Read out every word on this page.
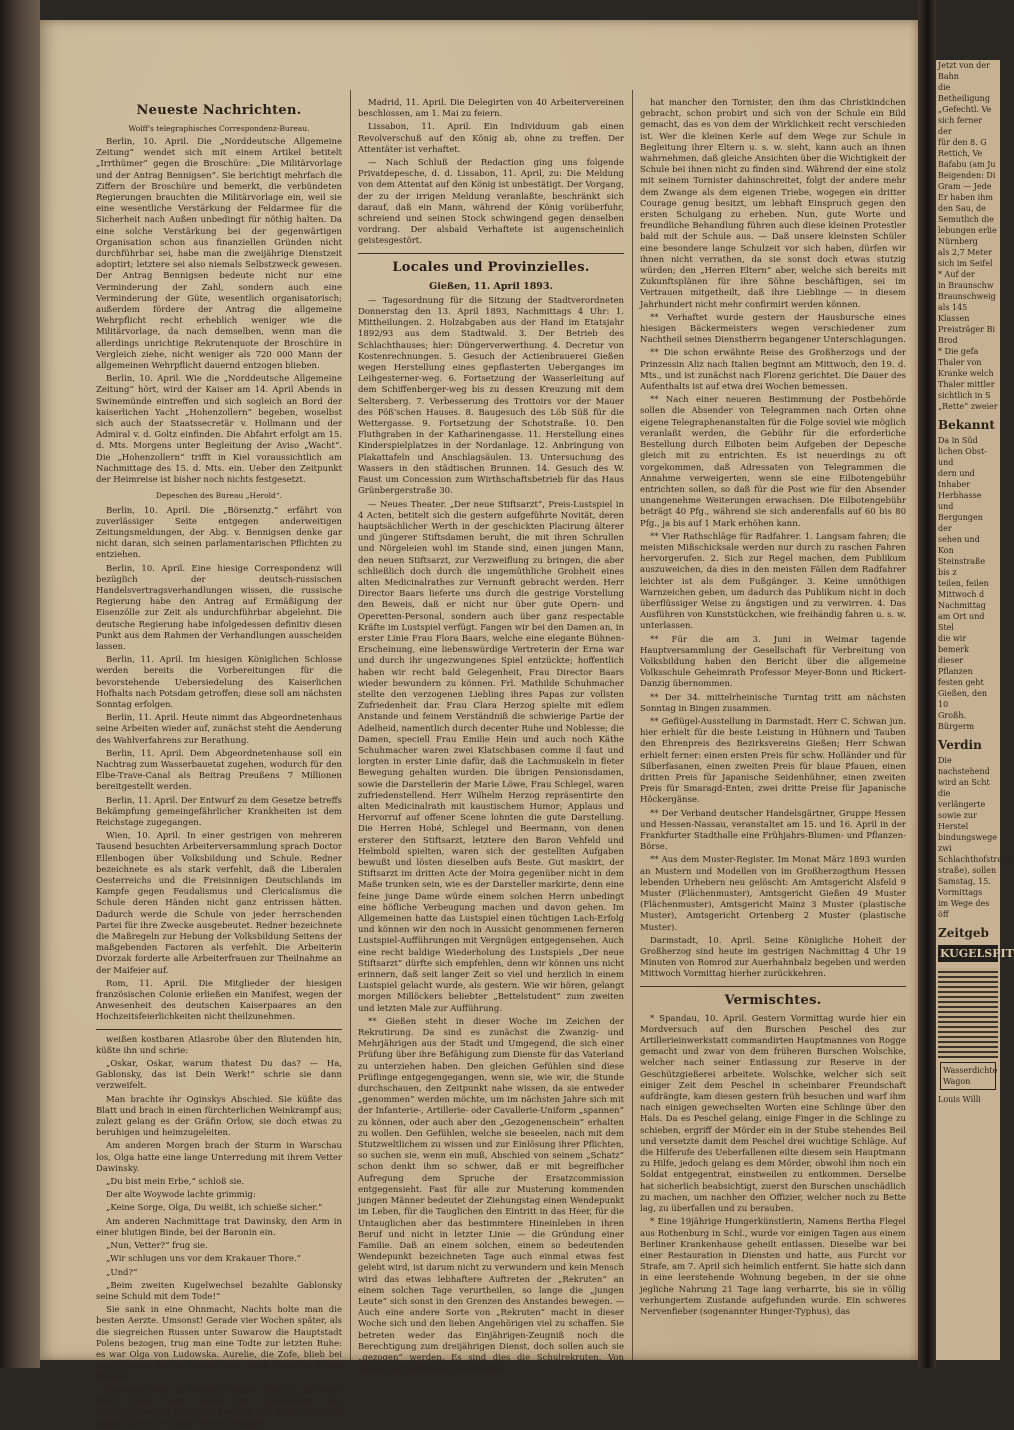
Neueste Nachrichten.
Wolff's telegraphisches Correspondenz-Bureau.

Berlin, 10. April. Die „Norddeutsche Allgemeine Zeitung“ wendet sich mit einem Artikel betitelt „Irrthümer“ gegen die Broschüre: „Die Militärvorlage und der Antrag Bennigsen“. Sie berichtigt mehrfach die Ziffern der Broschüre und bemerkt, die verbündeten Regierungen brauchten die Militärvorlage ein, weil sie eine wesentliche Verstärkung der Feldarmee für die Sicherheit nach Außen unbedingt für nöthig halten. Da eine solche Verstärkung bei der gegenwärtigen Organisation schon aus finanziellen Gründen nicht durchführbar sei, habe man die zweijährige Dienstzeit adoptirt; letztere sei also niemals Selbstzweck gewesen. Der Antrag Bennigsen bedeute nicht nur eine Verminderung der Zahl, sondern auch eine Verminderung der Güte, wesentlich organisatorisch; außerdem fördere der Antrag die allgemeine Wehrpflicht recht erheblich weniger wie die Militärvorlage, da nach demselben, wenn man die allerdings unrichtige Rekrutenquote der Broschüre in Vergleich ziehe, nicht weniger als 720 000 Mann der allgemeinen Wehrpflicht dauernd entzogen blieben.

Berlin, 10. April. Wie die „Norddeutsche Allgemeine Zeitung“ hört, wird der Kaiser am 14. April Abends in Swinemünde eintreffen und sich sogleich an Bord der kaiserlichen Yacht „Hohenzollern“ begeben, woselbst sich auch der Staatssecretär v. Hollmann und der Admiral v. d. Goltz einfinden. Die Abfahrt erfolgt am 15. d. Mts. Morgens unter Begleitung der Aviso „Wacht“. Die „Hohenzollern“ trifft in Kiel voraussichtlich am Nachmittage des 15. d. Mts. ein. Ueber den Zeitpunkt der Heimreise ist bisher noch nichts festgesetzt.

Depeschen des Bureau „Herold“.

Berlin, 10. April. Die „Börsenztg.“ erfährt von zuverlässiger Seite entgegen anderweitigen Zeitungsmeldungen, der Abg. v. Bennigsen denke gar nicht daran, sich seinen parlamentarischen Pflichten zu entziehen.

Berlin, 10. April. Eine hiesige Correspondenz will bezüglich der deutsch-russischen Handelsvertragsverhandlungen wissen, die russische Regierung habe den Antrag auf Ermäßigung der Eisenzölle zur Zeit als undurchführbar abgelehnt. Die deutsche Regierung habe infolgedessen definitiv diesen Punkt aus dem Rahmen der Verhandlungen ausscheiden lassen.

Berlin, 11. April. Im hiesigen Königlichen Schlosse werden bereits die Vorbereitungen für die bevorstehende Uebersiedelung des Kaiserlichen Hofhalts nach Potsdam getroffen; diese soll am nächsten Sonntag erfolgen.

Berlin, 11. April. Heute nimmt das Abgeordnetenhaus seine Arbeiten wieder auf, zunächst steht die Aenderung des Wahlverfahrens zur Berathung.

Berlin, 11. April. Dem Abgeordnetenhause soll ein Nachtrag zum Wasserbauetat zugehen, wodurch für den Elbe-Trave-Canal als Beitrag Preußens 7 Millionen bereitgestellt werden.

Berlin, 11. April. Der Entwurf zu dem Gesetze betreffs Bekämpfung gemeingefährlicher Krankheiten ist dem Reichstage zugegangen.

Wien, 10. April. In einer gestrigen von mehreren Tausend besuchten Arbeiterversammlung sprach Doctor Ellenbogen über Volksbildung und Schule. Redner bezeichnete es als stark verfehlt, daß die Liberalen Oesterreichs und die Freisinnigen Deutschlands im Kampfe gegen Feudalismus und Clericalismus die Schule deren Händen nicht ganz entrissen hätten. Dadurch werde die Schule von jeder herrschenden Partei für ihre Zwecke ausgebeutet. Redner bezeichnete die Maßregeln zur Hebung der Volksbildung Seitens der maßgebenden Factoren als verfehlt. Die Arbeiterin Dvorzak forderte alle Arbeiterfrauen zur Theilnahme an der Maifeier auf.

Rom, 11. April. Die Mitglieder der hiesigen französischen Colonie erließen ein Manifest, wegen der Anwesenheit des deutschen Kaiserpaares an den Hochzeitsfeierlichkeiten nicht theilzunehmen.

weißen kostbaren Atlasrobe über den Blutenden hin, küßte ihn und schrie:

„Oskar, Oskar, warum thatest Du das? — Ha, Gablonsky, das ist Dein Werk!“ schrie sie dann verzweifelt.

Man brachte ihr Oginskys Abschied. Sie küßte das Blatt und brach in einen fürchterlichen Weinkrampf aus; zulezt gelang es der Gräfin Orlow, sie doch etwas zu beruhigen und heimzugeleiten.

Am anderen Morgen brach der Sturm in Warschau los, Olga hatte eine lange Unterredung mit ihrem Vetter Dawinsky.

„Du bist mein Erbe,“ schloß sie.

Der alte Woywode lachte grimmig:

„Keine Sorge, Olga, Du weißt, ich schieße sicher.“

Am anderen Nachmittage trat Dawinsky, den Arm in einer blutigen Binde, bei der Baronin ein.

„Nun, Vetter?“ frug sie.

„Wir schlugen uns vor dem Krakauer Thore.“

„Und?“

„Beim zweiten Kugelwechsel bezahlte Gablonsky seine Schuld mit dem Tode!“

Sie sank in eine Ohnmacht, Nachts holte man die besten Aerzte. Umsonst! Gerade vier Wochen später, als die siegreichen Russen unter Suwarow die Hauptstadt Polens bezogen, trug man eine Todte zur letzten Ruhe: es war Olga von Ludowska. Aurelie, die Zofe, blieb bei ihrer Herrin bis zu deren Tode, dann ging sie in ein Kloster.

Dawinsky zog mit seinem reichen Erbe in die neue Welt. Jetzt erst ward die Geschichte der verhängnißvollen Polonaise bekannt und damit auch das unglückliche Geschick Polens besiegelt.

Madrid, 11. April. Die Delegirten von 40 Arbeitervereinen beschlossen, am 1. Mai zu feiern.

Lissabon, 11. April. Ein Individuum gab einen Revolverschuß auf den König ab, ohne zu treffen. Der Attentäter ist verhaftet.

— Nach Schluß der Redaction ging uns folgende Privatdepesche, d. d. Lissabon, 11. April, zu: Die Meldung von dem Attentat auf den König ist unbestätigt. Der Vorgang, der zu der irrigen Meldung veranlaßte, beschränkt sich darauf, daß ein Mann, während der König vorüberfuhr, schreiend und seinen Stock schwingend gegen denselben vordrang. Der alsbald Verhaftete ist augenscheinlich geistesgestört.

Locales und Provinzielles.
Gießen, 11. April 1893.

— Tagesordnung für die Sitzung der Stadtverordneten Donnerstag den 13. April 1893, Nachmittags 4 Uhr: 1. Mittheilungen. 2. Holzabgaben aus der Hand im Etatsjahr 1892/93 aus dem Stadtwald. 3. Der Betrieb des Schlachthauses; hier: Düngerverwerthung. 4. Decretur von Kostenrechnungen. 5. Gesuch der Actienbrauerei Gießen wegen Herstellung eines gepflasterten Ueberganges im Leihgesterner-weg. 6. Fortsetzung der Wasserleitung auf dem Schiffenberger-weg bis zu dessen Kreuzung mit dem Seltersberg. 7. Verbesserung des Trottoirs vor der Mauer des Pöß'schen Hauses. 8. Baugesuch des Löb Süß für die Wettergasse. 9. Fortsetzung der Schotstraße. 10. Den Fluthgraben in der Katharinengasse. 11. Herstellung eines Kinderspielplatzes in der Nordanlage. 12. Anbringung von Plakattafeln und Anschlagsäulen. 13. Untersuchung des Wassers in den städtischen Brunnen. 14. Gesuch des W. Faust um Concession zum Wirthschaftsbetrieb für das Haus Grünbergerstraße 30.

— Neues Theater. „Der neue Stiftsarzt“, Preis-Lustspiel in 4 Acten, betitelt sich die gestern aufgeführte Novität, deren hauptsächlicher Werth in der geschickten Placirung älterer und jüngerer Stiftsdamen beruht, die mit ihren Schrullen und Nörgeleien wohl im Stande sind, einen jungen Mann, den neuen Stiftsarzt, zur Verzweiflung zu bringen, die aber schließlich doch durch die ungemüthliche Grobheit eines alten Medicinalrathes zur Vernunft gebracht werden. Herr Director Baars lieferte uns durch die gestrige Vorstellung den Beweis, daß er nicht nur über gute Opern- und Operetten-Personal, sondern auch über ganz respectable Kräfte im Lustspiel verfügt. Fangen wir bei den Damen an, in erster Linie Frau Flora Baars, welche eine elegante Bühnen-Erscheinung, eine liebenswürdige Vertreterin der Erna war und durch ihr ungezwungenes Spiel entzückte; hoffentlich haben wir recht bald Gelegenheit, Frau Director Baars wieder bewundern zu können. Frl. Mathilde Schuhmacher stellte den verzogenen Liebling ihres Papas zur vollsten Zufriedenheit dar. Frau Clara Herzog spielte mit edlem Anstande und feinem Verständniß die schwierige Partie der Adelheid, namentlich durch decenter Ruhe und Noblesse; die Damen, speciell Frau Emilie Hein und auch noch Käthe Schuhmacher waren zwei Klatschbasen comme il faut und lorgten in erster Linie dafür, daß die Lachmuskeln in fleter Bewegung gehalten wurden. Die übrigen Pensionsdamen, sowie die Darstellerin der Marie Löwe, Frau Schlegel, waren zufriedenstellend. Herr Wilhelm Herzog repräsentirte den alten Medicinalrath mit kaustischem Humor; Applaus und Hervorruf auf offener Scene lohnten die gute Darstellung. Die Herren Hobé, Schlegel und Beermann, von denen ersterer den Stiftsarzt, letztere den Baron Vehfeld und Helmbold spielten, waren sich der gestellten Aufgaben bewußt und lösten dieselben aufs Beste. Gut maskirt, der Stiftsarzt im dritten Acte der Moira gegenüber nicht in dem Maße trunken sein, wie es der Darsteller markirte, denn eine feine junge Dame würde einem solchen Herrn unbedingt eine höfliche Verbeugung machen und davon gehen. Im Allgemeinen hatte das Lustspiel einen tüchtigen Lach-Erfolg und können wir den noch in Aussicht genommenen ferneren Lustspiel-Aufführungen mit Vergnügen entgegensehen. Auch eine recht baldige Wiederholung des Lustspiels „Der neue Stiftsarzt“ dürfte sich empfehlen, denn wir können uns nicht erinnern, daß seit langer Zeit so viel und herzlich in einem Lustspiel gelacht wurde, als gestern. Wie wir hören, gelangt morgen Millöckers beliebter „Bettelstudent“ zum zweiten und letzten Male zur Aufführung.

** Gießen steht in dieser Woche im Zeichen der Rekrutirung. Da sind es zunächst die Zwanzig- und Mehrjährigen aus der Stadt und Umgegend, die sich einer Prüfung über ihre Befähigung zum Dienste für das Vaterland zu unterziehen haben. Den gleichen Gefühlen sind diese Prüflinge entgegengegangen, wenn sie, wie wir, die Stunde durchschauen, den Zeitpunkt nahe wissen, da sie entweder „genommen“ werden möchte, um im nächsten Jahre sich mit der Infanterie-, Artillerie- oder Cavallerie-Uniform „spannen“ zu können, oder auch aber den „Gezogenenschein“ erhalten zu wollen. Den Gefühlen, welche sie beseelen, nach mit dem Stutzweltlichem zu wissen und zur Einlösung ihrer Pflichten, so suchen sie, wenn ein muß, Abschied von seinem „Schatz“ schon denkt ihm so schwer, daß er mit begreiflicher Aufregung dem Spruche der Ersatzcommission entgegensieht. Fast für alle zur Musterung kommenden jungen Männer bedeutet der Ziehungstag einen Wendepunkt im Leben, für die Tauglichen den Eintritt in das Heer, für die Untauglichen aber das bestimmtere Hineinleben in ihren Beruf und nicht in letzter Linie — die Gründung einer Familie. Daß an einem solchen, einem so bedeutenden Wendepunkt bezeichneten Tage auch einmal etwas fest gelebt wird, ist darum nicht zu verwundern und kein Mensch wird das etwas lebhaftere Auftreten der „Rekruten“ an einem solchen Tage verurtheilen, so lange die „jungen Leute“ sich sonst in den Grenzen des Anstandes bewegen. — Auch eine andere Sorte von „Rekruten“ macht in dieser Woche sich und den lieben Angehörigen viel zu schaffen. Sie betreten weder das Einjährigen-Zeugniß noch die Berechtigung zum dreijährigen Dienst, doch sollen auch sie „gezogen“ werden. Es sind dies die Schulrekruten. Von diesen sechsjährigen Bürschchen

hat mancher den Tornister, den ihm das Christkindchen gebracht, schon probirt und sich von der Schule ein Bild gemacht, das es von dem der Wirklichkeit recht verschieden ist. Wer die kleinen Kerle auf dem Wege zur Schule in Begleitung ihrer Eltern u. s. w. sieht, kann auch an ihnen wahrnehmen, daß gleiche Ansichten über die Wichtigkeit der Schule bei ihnen nicht zu finden sind. Während der eine stolz mit seinem Tornister dahinschreitet, folgt der andere mehr dem Zwange als dem eigenen Triebe, wogegen ein dritter Courage genug besitzt, um lebhaft Einspruch gegen den ersten Schulgang zu erheben. Nun, gute Worte und freundliche Behandlung führen auch diese kleinen Protestler bald mit der Schule aus. — Daß unsere kleinsten Schüler eine besondere lange Schulzeit vor sich haben, dürfen wir ihnen nicht verrathen, da sie sonst doch etwas stutzig würden; den „Herren Eltern“ aber, welche sich bereits mit Zukunftsplänen für ihre Söhne beschäftigen, sei im Vertrauen mitgetheilt, daß ihre Lieblinge — in diesem Jahrhundert nicht mehr confirmirt werden können.

** Verhaftet wurde gestern der Hausbursche eines hiesigen Bäckermeisters wegen verschiedener zum Nachtheil seines Dienstherrn begangener Unterschlagungen.

** Die schon erwähnte Reise des Großherzogs und der Prinzessin Aliz nach Italien beginnt am Mittwoch, den 19. d. Mts., und ist zunächst nach Florenz gerichtet. Die Dauer des Aufenthalts ist auf etwa drei Wochen bemessen.

** Nach einer neueren Bestimmung der Postbehörde sollen die Absender von Telegrammen nach Orten ohne eigene Telegraphenanstalten für die Folge soviel wie möglich veranlaßt werden, die Gebühr für die erforderliche Bestellung durch Eilboten beim Aufgeben der Depesche gleich mit zu entrichten. Es ist neuerdings zu oft vorgekommen, daß Adressaten von Telegrammen die Annahme verweigerten, wenn sie eine Eilbotengebühr entrichten sollen, so daß für die Post wie für den Absender unangenehme Weiterungen erwachsen. Die Eilbotengebühr beträgt 40 Pfg., während sie sich anderenfalls auf 60 bis 80 Pfg., ja bis auf 1 Mark erhöhen kann.

** Vier Rathschläge für Radfahrer. 1. Langsam fahren; die meisten Mißschicksale werden nur durch zu raschen Fahren hervorgerufen. 2. Sich zur Regel machen, dem Publikum auszuweichen, da dies in den meisten Fällen dem Radfahrer leichter ist als dem Fußgänger. 3. Keine unnöthigen Warnzeichen geben, um dadurch das Publikum nicht in doch überflüssiger Weise zu ängstigen und zu verwirren. 4. Das Ausführen von Kunststückchen, wie freihändig fahren u. s. w. unterlassen.

** Für die am 3. Juni in Weimar tagende Hauptversammlung der Gesellschaft für Verbreitung von Volksbildung haben den Bericht über die allgemeine Volksschule Geheimrath Professor Meyer-Bonn und Rickert-Danzig übernommen.

** Der 34. mittelrheinische Turntag tritt am nächsten Sonntag in Bingen zusammen.

** Geflügel-Ausstellung in Darmstadt. Herr C. Schwan jun. hier erhielt für die beste Leistung in Hühnern und Tauben den Ehrenpreis des Bezirksvereins Gießen; Herr Schwan erhielt ferner: einen ersten Preis für schw. Holländer und für Silberfasanen, einen zweiten Preis für blaue Pfauen, einen dritten Preis für Japanische Seidenhühner, einen zweiten Preis für Smaragd-Enten, zwei dritte Preise für Japanische Höckergänse.

** Der Verband deutscher Handelsgärtner, Gruppe Hessen und Hessen-Nassau, veranstaltet am 15. und 16. April in der Frankfurter Stadthalle eine Frühjahrs-Blumen- und Pflanzen-Börse.

** Aus dem Muster-Register. Im Monat März 1893 wurden an Mustern und Modellen von im Großherzogthum Hessen lebenden Urhebern neu gelöscht: Am Amtsgericht Alsfeld 9 Muster (Flächenmuster), Amtsgericht Gießen 49 Muster (Flächenmuster), Amtsgericht Mainz 3 Muster (plastische Muster), Amtsgericht Ortenberg 2 Muster (plastische Muster).

Darmstadt, 10. April. Seine Königliche Hoheit der Großherzog sind heute im gestrigen Nachmittag 4 Uhr 19 Minuten von Romrod zur Auerhahnbalz begeben und werden Mittwoch Vormittag hierher zurückkehren.

Vermischtes.

* Spandau, 10. April. Gestern Vormittag wurde hier ein Mordversuch auf den Burschen Peschel des zur Artillerieinwerkstatt commandirten Hauptmannes von Rogge gemacht und zwar von dem früheren Burschen Wolschke, welcher nach seiner Entlassung zur Reserve in der Geschützgießerei arbeitete. Wolschke, welcher sich seit einiger Zeit dem Peschel in scheinbarer Freundschaft aufdrängte, kam diesen gestern früh besuchen und warf ihm nach einigen gewechselten Worten eine Schlinge über den Hals. Da es Peschel gelang, einige Finger in die Schlinge zu schieben, ergriff der Mörder ein in der Stube stehendes Beil und versetzte damit dem Peschel drei wuchtige Schläge. Auf die Hilferufe des Ueberfallenen eilte diesem sein Hauptmann zu Hilfe, jedoch gelang es dem Mörder, obwohl ihm noch ein Soldat entgegentrat, einstweilen zu entkommen. Derselbe hat sicherlich beabsichtigt, zuerst den Burschen unschädlich zu machen, um nachher den Offizier, welcher noch zu Bette lag, zu überfallen und zu berauben.

* Eine 19jährige Hungerkünstlerin, Namens Bertha Flegel aus Rothenburg in Schl., wurde vor einigen Tagen aus einem Berliner Krankenhause geheilt entlassen. Dieselbe war bei einer Restauration in Diensten und hatte, aus Furcht vor Strafe, am 7. April sich heimlich entfernt. Sie hatte sich dann in eine leerstehende Wohnung begeben, in der sie ohne jegliche Nahrung 21 Tage lang verharrte, bis sie in völlig verhungertem Zustande aufgefunden wurde. Ein schweres Nervenfieber (sogenannter Hunger-Typhus), das

Jetzt von der Bahn
die Betheiligung
„Gefechtl. Ve
sich ferner der
für den 8. G
Rettich, Ve
Bafabu (am Ju
Beigenden: Di
Gram — Jede
Er haben ihm
den Sau, de
Semutlich die
lebungen erlie
Nürnberg
als 2,7 Meter
sich im Seifel
* Auf der
in Braunschw
Braunschweig
als 145 Klassen
Preisträger Bi
Brod
* Die gefa
Thaler von
Kranke welch
Thaler mittler
sichtlich in S
„Rette“ zweier
Bekannt
Da in Süd
lichen Obst- und
dern und Inhaber
Herbhasse und
Bergungen der
sehen und Kon
Steinstraße bis z
teilen, feilen
Mittwoch d
Nachmittag
am Ort und Stel
die wir bemerk
dieser Pflanzen
festen geht
Gießen, den 10
Großh. Bürgerm
Verdin
Die nachstehend
wird an Scht
die verlängerte
sowie zur Herstel
bindungswege zwi
Schlachthofstraße
straße), sollen
Samstag, 15.
Vormittags
im Wege des öff
Zeitgeb
KUGELSPIT
Wasserdichte
Wagon
Louis Willi
